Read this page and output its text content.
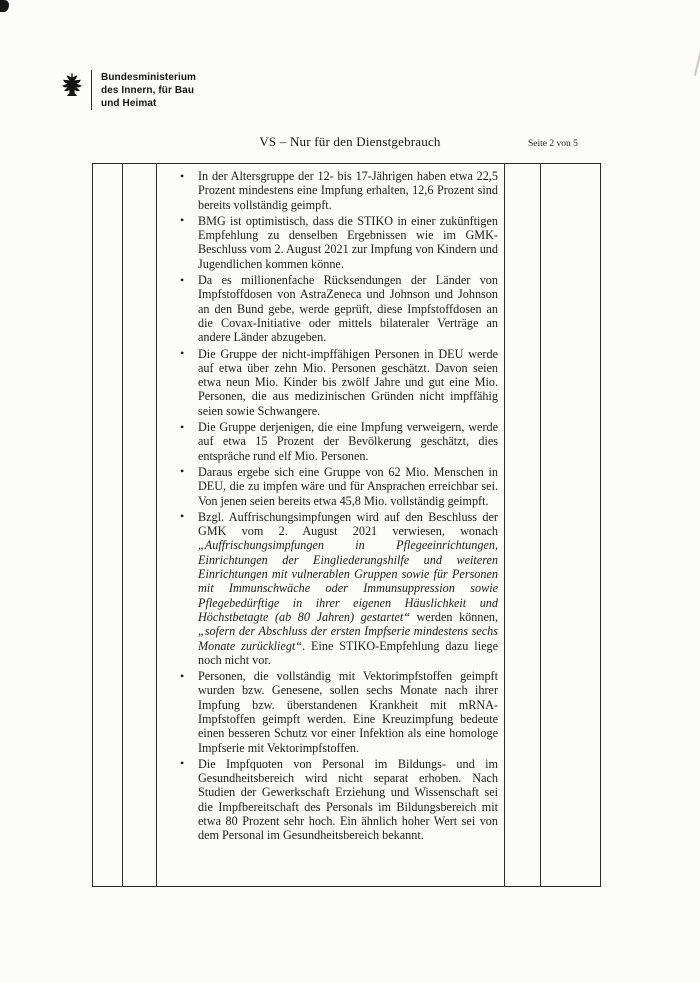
Bundesministerium
des Innern, für Bau
und Heimat
VS – Nur für den Dienstgebrauch	Seite 2 von 5
• In der Altersgruppe der 12- bis 17-Jährigen haben etwa 22,5 Prozent mindestens eine Impfung erhalten, 12,6 Prozent sind bereits vollständig geimpft.
• BMG ist optimistisch, dass die STIKO in einer zukünftigen Empfehlung zu denselben Ergebnissen wie im GMK-Beschluss vom 2. August 2021 zur Impfung von Kindern und Jugendlichen kommen könne.
• Da es millionenfache Rücksendungen der Länder von Impfstoffdosen von AstraZeneca und Johnson und Johnson an den Bund gebe, werde geprüft, diese Impfstoffdosen an die Covax-Initiative oder mittels bilateraler Verträge an andere Länder abzugeben.
• Die Gruppe der nicht-impffähigen Personen in DEU werde auf etwa über zehn Mio. Personen geschätzt. Davon seien etwa neun Mio. Kinder bis zwölf Jahre und gut eine Mio. Personen, die aus medizinischen Gründen nicht impffähig seien sowie Schwangere.
• Die Gruppe derjenigen, die eine Impfung verweigern, werde auf etwa 15 Prozent der Bevölkerung geschätzt, dies entspräche rund elf Mio. Personen.
• Daraus ergebe sich eine Gruppe von 62 Mio. Menschen in DEU, die zu impfen wäre und für Ansprachen erreichbar sei. Von jenen seien bereits etwa 45,8 Mio. vollständig geimpft.
• Bzgl. Auffrischungsimpfungen wird auf den Beschluss der GMK vom 2. August 2021 verwiesen, wonach „Auffrischungsimpfungen in Pflegeeinrichtungen, Einrichtungen der Eingliederungshilfe und weiteren Einrichtungen mit vulnerablen Gruppen sowie für Personen mit Immunschwäche oder Immunsuppression sowie Pflegebedürftige in ihrer eigenen Häuslichkeit und Höchstbetagte (ab 80 Jahren) gestartet“ werden können, „sofern der Abschluss der ersten Impfserie mindestens sechs Monate zurückliegt“. Eine STIKO-Empfehlung dazu liege noch nicht vor.
• Personen, die vollständig mit Vektorimpfstoffen geimpft wurden bzw. Genesene, sollen sechs Monate nach ihrer Impfung bzw. überstandenen Krankheit mit mRNA-Impfstoffen geimpft werden. Eine Kreuzimpfung bedeute einen besseren Schutz vor einer Infektion als eine homologe Impfserie mit Vektorimpfstoffen.
• Die Impfquoten von Personal im Bildungs- und im Gesundheitsbereich wird nicht separat erhoben. Nach Studien der Gewerkschaft Erziehung und Wissenschaft sei die Impfbereitschaft des Personals im Bildungsbereich mit etwa 80 Prozent sehr hoch. Ein ähnlich hoher Wert sei von dem Personal im Gesundheitsbereich bekannt.
